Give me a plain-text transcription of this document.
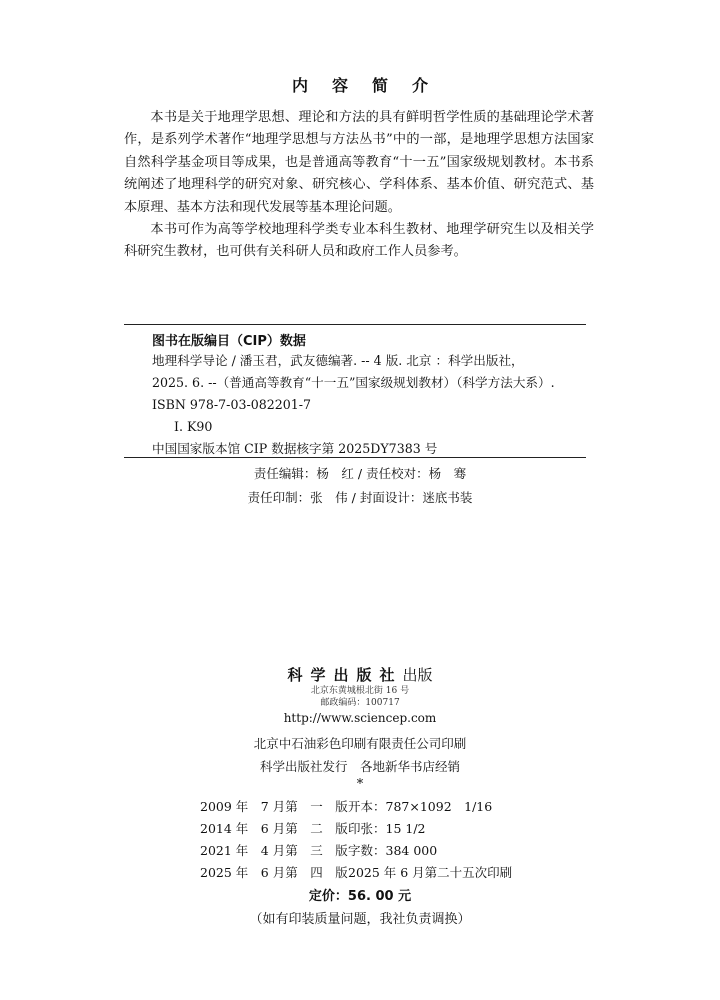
内 容 简 介

本书是关于地理学思想、理论和方法的具有鲜明哲学性质的基础理论学术著作，是系列学术著作“地理学思想与方法丛书”中的一部，是地理学思想方法国家自然科学基金项目等成果，也是普通高等教育“十一五”国家级规划教材。本书系统阐述了地理科学的研究对象、研究核心、学科体系、基本价值、研究范式、基本原理、基本方法和现代发展等基本理论问题。

本书可作为高等学校地理科学类专业本科生教材、地理学研究生以及相关学科研究生教材，也可供有关科研人员和政府工作人员参考。

图书在版编目（CIP）数据
地理科学导论 / 潘玉君，武友德编著. -- 4 版. 北京 ：科学出版社，
2025. 6. --（普通高等教育“十一五”国家级规划教材）（科学方法大系）.
ISBN 978-7-03-082201-7
Ⅰ. K90
中国国家版本馆 CIP 数据核字第 2025DY7383 号
责任编辑：杨　红 / 责任校对：杨　骞
责任印制：张　伟 / 封面设计：迷底书装
科学出版社出版
北京东黄城根北街 16 号
邮政编码：100717
http://www.sciencep.com
北京中石油彩色印刷有限责任公司印刷
科学出版社发行　各地新华书店经销
*
2009 年　7 月第　一　版 开本：787×1092　1/16
2014 年　6 月第　二　版 印张：15 1/2
2021 年　4 月第　三　版 字数：384 000
2025 年　6 月第　四　版 2025 年 6 月第二十五次印刷
定价：56. 00 元
（如有印装质量问题，我社负责调换）
